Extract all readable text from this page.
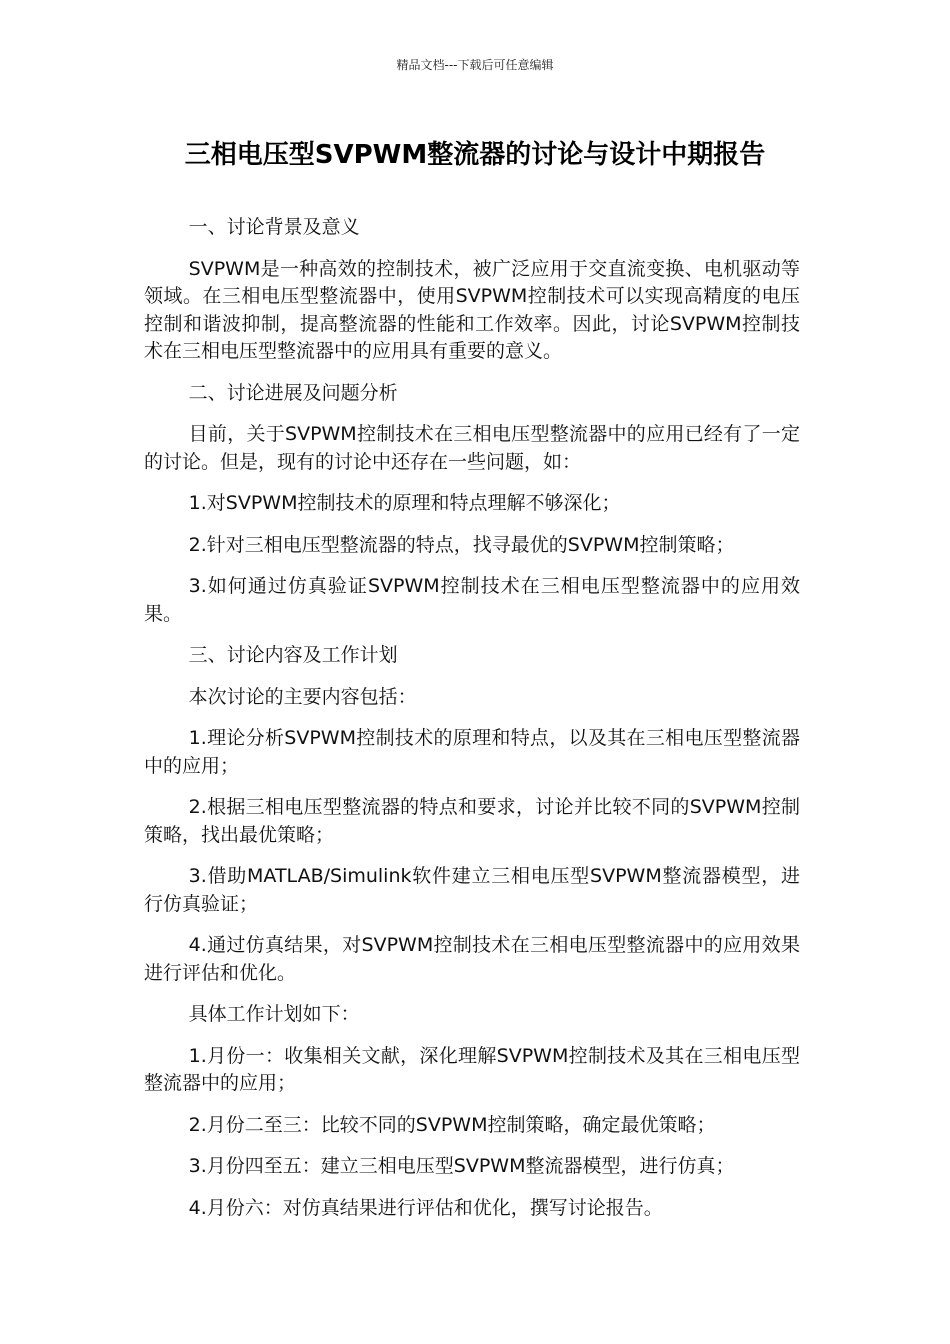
精品文档---下载后可任意编辑
三相电压型SVPWM整流器的讨论与设计中期报告

一、讨论背景及意义

SVPWM是一种高效的控制技术，被广泛应用于交直流变换、电机驱动等领域。在三相电压型整流器中，使用SVPWM控制技术可以实现高精度的电压控制和谐波抑制，提高整流器的性能和工作效率。因此，讨论SVPWM控制技术在三相电压型整流器中的应用具有重要的意义。

二、讨论进展及问题分析

目前，关于SVPWM控制技术在三相电压型整流器中的应用已经有了一定的讨论。但是，现有的讨论中还存在一些问题，如：

1.对SVPWM控制技术的原理和特点理解不够深化；

2.针对三相电压型整流器的特点，找寻最优的SVPWM控制策略；

3.如何通过仿真验证SVPWM控制技术在三相电压型整流器中的应用效果。

三、讨论内容及工作计划

本次讨论的主要内容包括：

1.理论分析SVPWM控制技术的原理和特点，以及其在三相电压型整流器中的应用；

2.根据三相电压型整流器的特点和要求，讨论并比较不同的SVPWM控制策略，找出最优策略；

3.借助MATLAB/Simulink软件建立三相电压型SVPWM整流器模型，进行仿真验证；

4.通过仿真结果，对SVPWM控制技术在三相电压型整流器中的应用效果进行评估和优化。

具体工作计划如下：

1.月份一：收集相关文献，深化理解SVPWM控制技术及其在三相电压型整流器中的应用；

2.月份二至三：比较不同的SVPWM控制策略，确定最优策略；

3.月份四至五：建立三相电压型SVPWM整流器模型，进行仿真；

4.月份六：对仿真结果进行评估和优化，撰写讨论报告。
